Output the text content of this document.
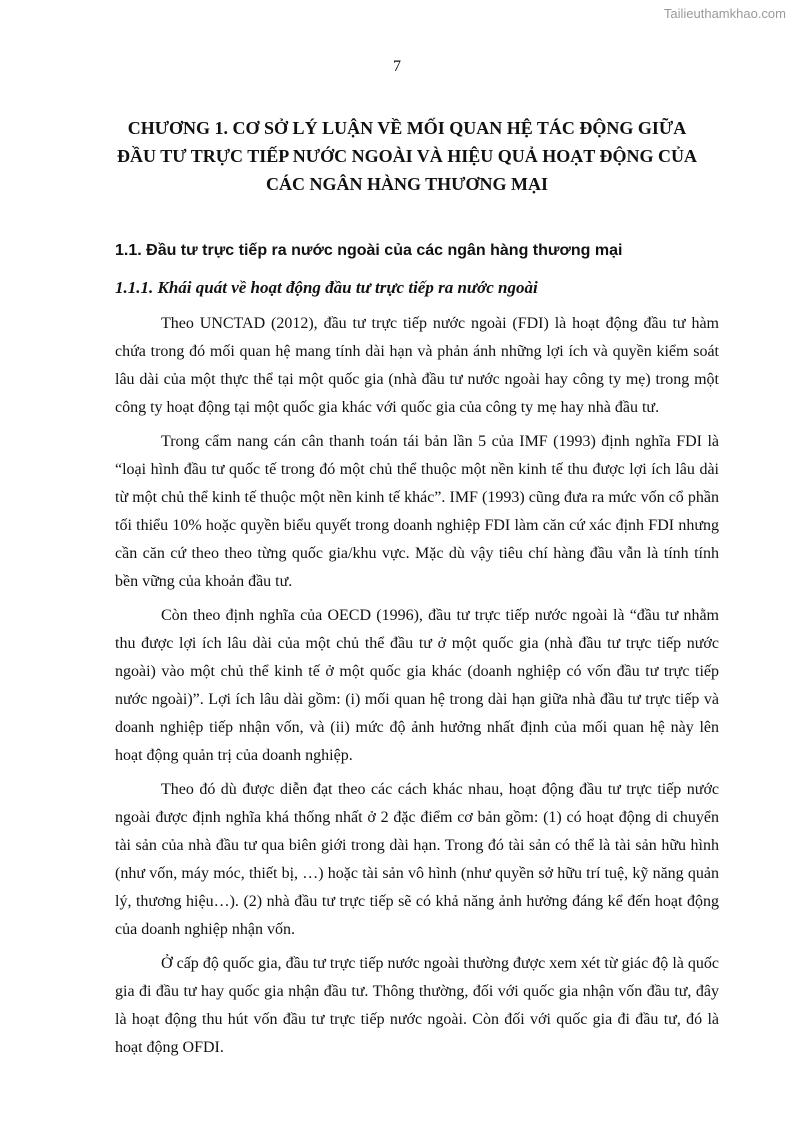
Tailieuthamkhao.com
7
CHƯƠNG 1. CƠ SỞ LÝ LUẬN VỀ MỐI QUAN HỆ TÁC ĐỘNG GIỮA
ĐẦU TƯ TRỰC TIẾP NƯỚC NGOÀI VÀ HIỆU QUẢ HOẠT ĐỘNG CỦA
CÁC NGÂN HÀNG THƯƠNG MẠI
1.1. Đầu tư trực tiếp ra nước ngoài của các ngân hàng thương mại
1.1.1. Khái quát về hoạt động đầu tư trực tiếp ra nước ngoài

Theo UNCTAD (2012), đầu tư trực tiếp nước ngoài (FDI) là hoạt động đầu tư hàm chứa trong đó mối quan hệ mang tính dài hạn và phản ánh những lợi ích và quyền kiểm soát lâu dài của một thực thể tại một quốc gia (nhà đầu tư nước ngoài hay công ty mẹ) trong một công ty hoạt động tại một quốc gia khác với quốc gia của công ty mẹ hay nhà đầu tư.

Trong cẩm nang cán cân thanh toán tái bản lần 5 của IMF (1993) định nghĩa FDI là “loại hình đầu tư quốc tế trong đó một chủ thể thuộc một nền kinh tế thu được lợi ích lâu dài từ một chủ thể kinh tế thuộc một nền kinh tế khác”. IMF (1993) cũng đưa ra mức vốn cổ phần tối thiểu 10% hoặc quyền biểu quyết trong doanh nghiệp FDI làm căn cứ xác định FDI nhưng cần căn cứ theo theo từng quốc gia/khu vực. Mặc dù vậy tiêu chí hàng đầu vẫn là tính tính bền vững của khoản đầu tư.

Còn theo định nghĩa của OECD (1996), đầu tư trực tiếp nước ngoài là “đầu tư nhằm thu được lợi ích lâu dài của một chủ thể đầu tư ở một quốc gia (nhà đầu tư trực tiếp nước ngoài) vào một chủ thể kinh tế ở một quốc gia khác (doanh nghiệp có vốn đầu tư trực tiếp nước ngoài)”. Lợi ích lâu dài gồm: (i) mối quan hệ trong dài hạn giữa nhà đầu tư trực tiếp và doanh nghiệp tiếp nhận vốn, và (ii) mức độ ảnh hưởng nhất định của mối quan hệ này lên hoạt động quản trị của doanh nghiệp.

Theo đó dù được diễn đạt theo các cách khác nhau, hoạt động đầu tư trực tiếp nước ngoài được định nghĩa khá thống nhất ở 2 đặc điểm cơ bản gồm: (1) có hoạt động di chuyển tài sản của nhà đầu tư qua biên giới trong dài hạn. Trong đó tài sản có thể là tài sản hữu hình (như vốn, máy móc, thiết bị, …) hoặc tài sản vô hình (như quyền sở hữu trí tuệ, kỹ năng quản lý, thương hiệu…). (2) nhà đầu tư trực tiếp sẽ có khả năng ảnh hưởng đáng kể đến hoạt động của doanh nghiệp nhận vốn.

Ở cấp độ quốc gia, đầu tư trực tiếp nước ngoài thường được xem xét từ giác độ là quốc gia đi đầu tư hay quốc gia nhận đầu tư. Thông thường, đối với quốc gia nhận vốn đầu tư, đây là hoạt động thu hút vốn đầu tư trực tiếp nước ngoài. Còn đối với quốc gia đi đầu tư, đó là hoạt động OFDI.
